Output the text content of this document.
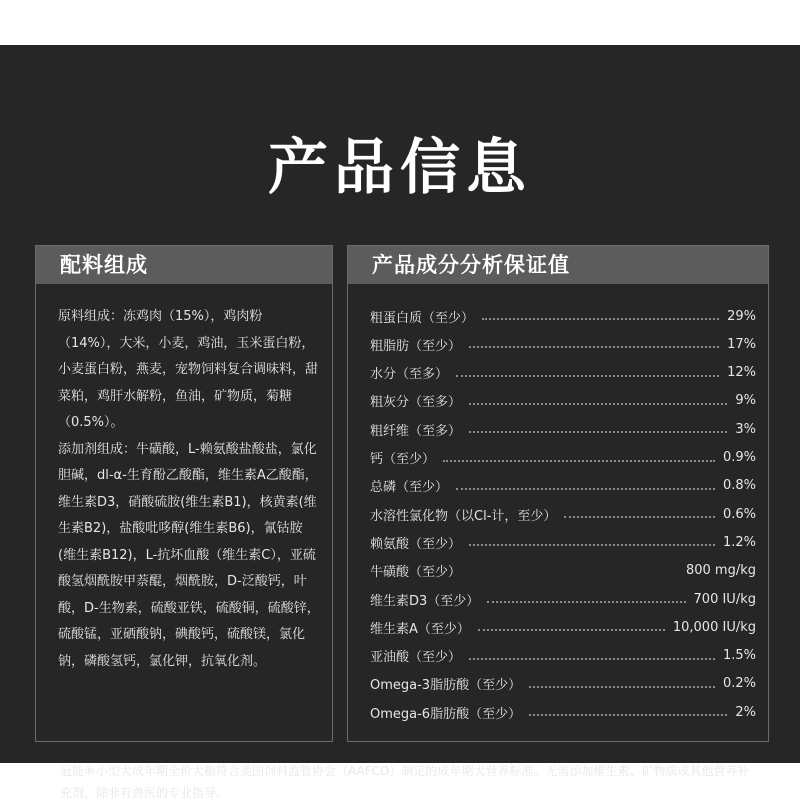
产品信息
配料组成

原料组成：冻鸡肉（15%），鸡肉粉（14%），大米，小麦，鸡油，玉米蛋白粉，小麦蛋白粉，燕麦，宠物饲料复合调味料，甜菜粕，鸡肝水解粉，鱼油，矿物质，菊糖（0.5%）。

添加剂组成：牛磺酸，L-赖氨酸盐酸盐，氯化胆碱，dl-α-生育酚乙酸酯，维生素A乙酸酯，维生素D3，硝酸硫胺(维生素B1)，核黄素(维生素B2)，盐酸吡哆醇(维生素B6)，氰钴胺(维生素B12)，L-抗坏血酸（维生素C），亚硫酸氢烟酰胺甲萘醌，烟酰胺，D-泛酸钙，叶酸，D-生物素，硫酸亚铁，硫酸铜，硫酸锌，硫酸锰，亚硒酸钠，碘酸钙，硫酸镁，氯化钠，磷酸氢钙，氯化钾，抗氧化剂。

产品成分分析保证值
粗蛋白质（至少）	29%
粗脂肪（至少）	17%
水分（至多）	12%
粗灰分（至多）	9%
粗纤维（至多）	3%
钙（至少）	0.9%
总磷（至少）	0.8%
水溶性氯化物（以Cl-计，至少）	0.6%
赖氨酸（至少）	1.2%
牛磺酸（至少）	800 mg/kg
维生素D3（至少）	700 IU/kg
维生素A（至少）	10,000 IU/kg
亚油酸（至少）	1.5%
Omega-3脂肪酸（至少）	0.2%
Omega-6脂肪酸（至少）	2%

冠能®小型犬成年期全价犬粮符合美国饲料监管协会（AAFCO）制定的成年期犬营养标准。无需添加维生素、矿物质或其他营养补充剂，除非有兽医的专业指导。
